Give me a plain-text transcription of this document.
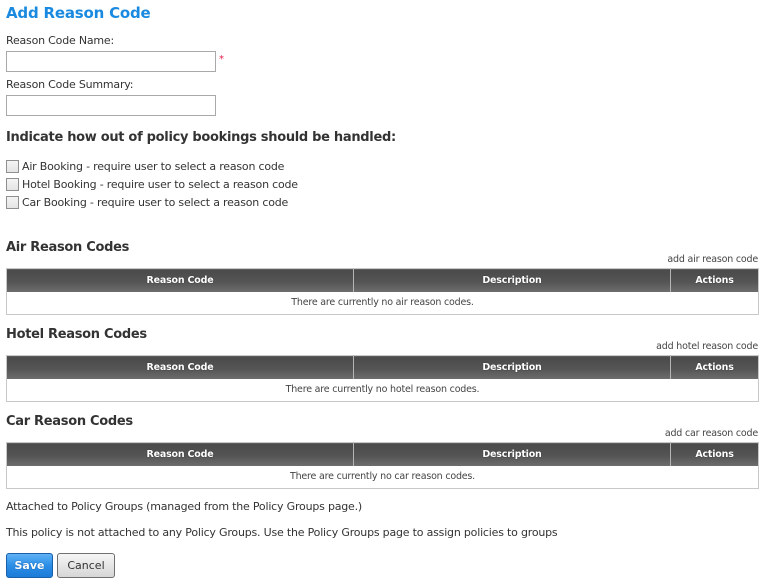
Add Reason Code
Reason Code Name:
*
Reason Code Summary:
Indicate how out of policy bookings should be handled:
Air Booking - require user to select a reason code
Hotel Booking - require user to select a reason code
Car Booking - require user to select a reason code
Air Reason Codes
add air reason code
Reason Code	Description	Actions
There are currently no air reason codes.
Hotel Reason Codes
add hotel reason code
Reason Code	Description	Actions
There are currently no hotel reason codes.
Car Reason Codes
add car reason code
Reason Code	Description	Actions
There are currently no car reason codes.
Attached to Policy Groups (managed from the Policy Groups page.)
This policy is not attached to any Policy Groups. Use the Policy Groups page to assign policies to groups
Save	Cancel
